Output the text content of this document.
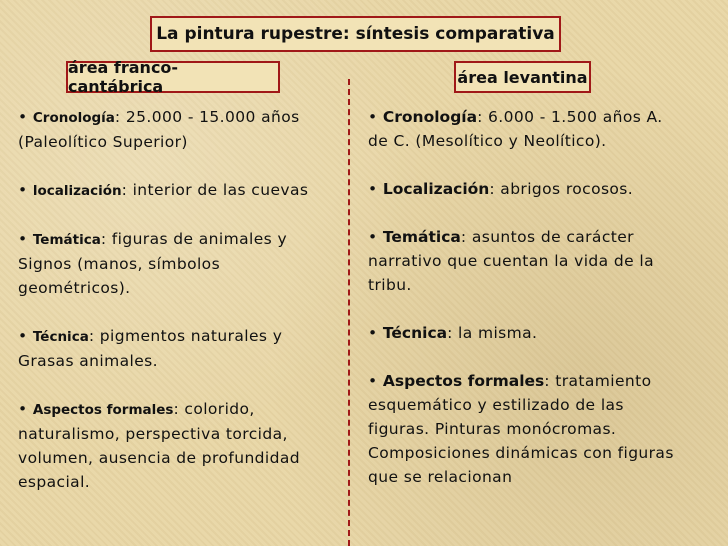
La pintura rupestre: síntesis comparativa
área franco- cantábrica	área levantina
• Cronología: 25.000 - 15.000 años
(Paleolítico Superior)
• localización: interior de las cuevas
• Temática: figuras de animales y
Signos (manos, símbolos
geométricos).
• Técnica: pigmentos naturales y
Grasas animales.
• Aspectos formales: colorido,
naturalismo, perspectiva torcida,
volumen, ausencia de profundidad
espacial.
• Cronología: 6.000 - 1.500 años A.
de C. (Mesolítico y Neolítico).
• Localización: abrigos rocosos.
• Temática: asuntos de carácter
narrativo que cuentan la vida de la
tribu.
• Técnica: la misma.
• Aspectos formales: tratamiento
esquemático y estilizado de las
figuras. Pinturas monócromas.
Composiciones dinámicas con figuras
que se relacionan
